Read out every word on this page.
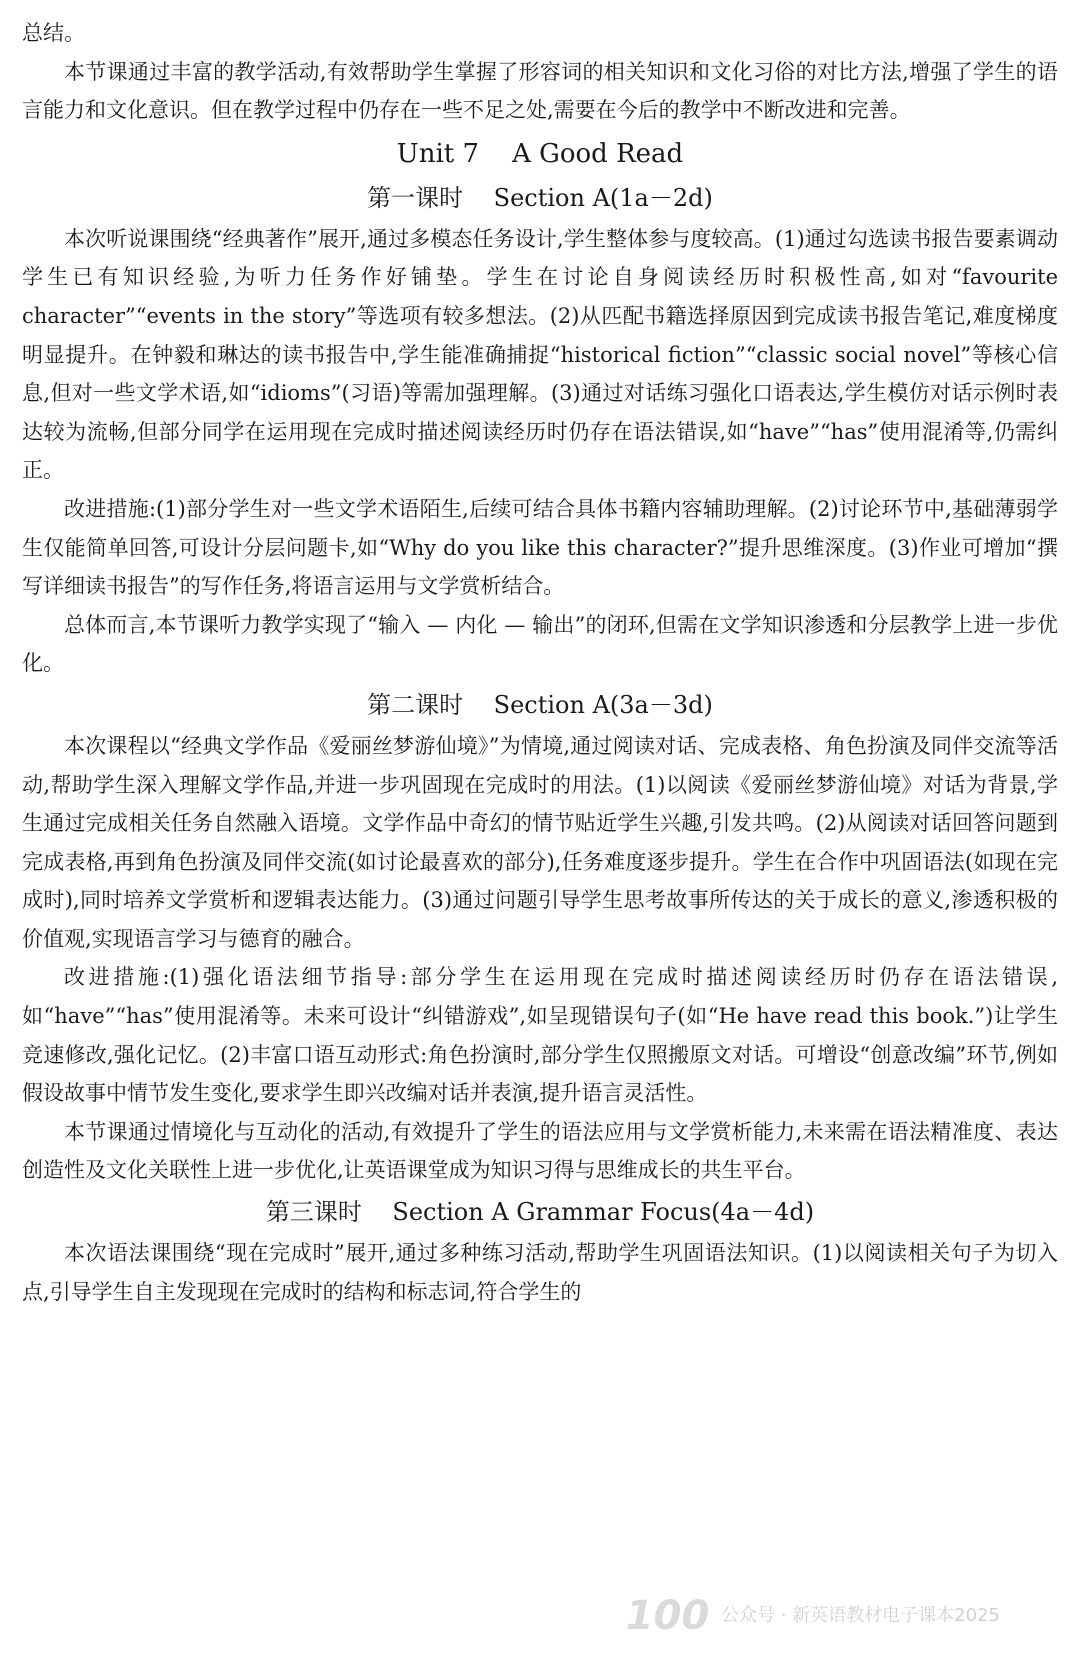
总结。

本节课通过丰富的教学活动,有效帮助学生掌握了形容词的相关知识和文化习俗的对比方法,增强了学生的语言能力和文化意识。但在教学过程中仍存在一些不足之处,需要在今后的教学中不断改进和完善。

Unit 7    A Good Read
第一课时    Section A(1a－2d)

本次听说课围绕“经典著作”展开,通过多模态任务设计,学生整体参与度较高。(1)通过勾选读书报告要素调动学生已有知识经验,为听力任务作好铺垫。学生在讨论自身阅读经历时积极性高,如对“favourite character”“events in the story”等选项有较多想法。(2)从匹配书籍选择原因到完成读书报告笔记,难度梯度明显提升。在钟毅和琳达的读书报告中,学生能准确捕捉“historical fiction”“classic social novel”等核心信息,但对一些文学术语,如“idioms”(习语)等需加强理解。(3)通过对话练习强化口语表达,学生模仿对话示例时表达较为流畅,但部分同学在运用现在完成时描述阅读经历时仍存在语法错误,如“have”“has”使用混淆等,仍需纠正。

改进措施:(1)部分学生对一些文学术语陌生,后续可结合具体书籍内容辅助理解。(2)讨论环节中,基础薄弱学生仅能简单回答,可设计分层问题卡,如“Why do you like this character?”提升思维深度。(3)作业可增加“撰写详细读书报告”的写作任务,将语言运用与文学赏析结合。

总体而言,本节课听力教学实现了“输入 — 内化 — 输出”的闭环,但需在文学知识渗透和分层教学上进一步优化。

第二课时    Section A(3a－3d)

本次课程以“经典文学作品《爱丽丝梦游仙境》”为情境,通过阅读对话、完成表格、角色扮演及同伴交流等活动,帮助学生深入理解文学作品,并进一步巩固现在完成时的用法。(1)以阅读《爱丽丝梦游仙境》对话为背景,学生通过完成相关任务自然融入语境。文学作品中奇幻的情节贴近学生兴趣,引发共鸣。(2)从阅读对话回答问题到完成表格,再到角色扮演及同伴交流(如讨论最喜欢的部分),任务难度逐步提升。学生在合作中巩固语法(如现在完成时),同时培养文学赏析和逻辑表达能力。(3)通过问题引导学生思考故事所传达的关于成长的意义,渗透积极的价值观,实现语言学习与德育的融合。

改进措施:(1)强化语法细节指导:部分学生在运用现在完成时描述阅读经历时仍存在语法错误,如“have”“has”使用混淆等。未来可设计“纠错游戏”,如呈现错误句子(如“He have read this book.”)让学生竞速修改,强化记忆。(2)丰富口语互动形式:角色扮演时,部分学生仅照搬原文对话。可增设“创意改编”环节,例如假设故事中情节发生变化,要求学生即兴改编对话并表演,提升语言灵活性。

本节课通过情境化与互动化的活动,有效提升了学生的语法应用与文学赏析能力,未来需在语法精准度、表达创造性及文化关联性上进一步优化,让英语课堂成为知识习得与思维成长的共生平台。

第三课时    Section A Grammar Focus(4a－4d)

本次语法课围绕“现在完成时”展开,通过多种练习活动,帮助学生巩固语法知识。(1)以阅读相关句子为切入点,引导学生自主发现现在完成时的结构和标志词,符合学生的

100 公众号 · 新英语教材电子课本2025
